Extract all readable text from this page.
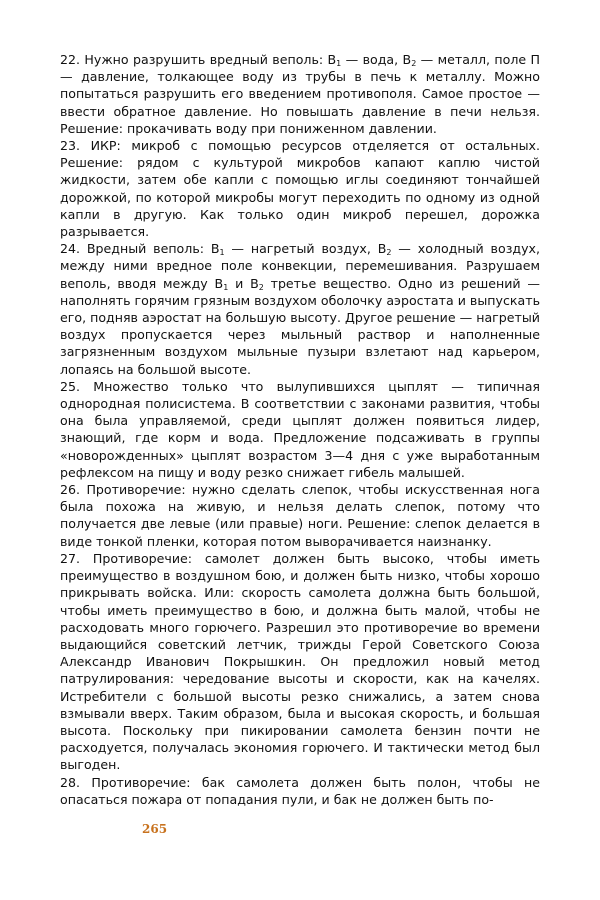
22. Нужно разрушить вредный веполь: $В_1$ — вода, $В_2$ — металл, поле П — давление, толкающее воду из трубы в печь к металлу. Можно попытаться разрушить его введением противополя. Самое простое — ввести обратное давление. Но повышать давление в печи нельзя. Решение: прокачивать воду при пониженном давлении.

23. ИКР: микроб с помощью ресурсов отделяется от остальных. Решение: рядом с культурой микробов капают каплю чистой жидкости, затем обе капли с помощью иглы соединяют тончайшей дорожкой, по которой микробы могут переходить по одному из одной капли в другую. Как только один микроб перешел, дорожка разрывается.

24. Вредный веполь: $В_1$ — нагретый воздух, $В_2$ — холодный воздух, между ними вредное поле конвекции, перемешивания. Разрушаем веполь, вводя между $В_1$ и $В_2$ третье вещество. Одно из решений — наполнять горячим грязным воздухом оболочку аэростата и выпускать его, подняв аэростат на большую высоту. Другое решение — нагретый воздух пропускается через мыльный раствор и наполненные загрязненным воздухом мыльные пузыри взлетают над карьером, лопаясь на большой высоте.

25. Множество только что вылупившихся цыплят — типичная однородная полисистема. В соответствии с законами развития, чтобы она была управляемой, среди цыплят должен появиться лидер, знающий, где корм и вода. Предложение подсаживать в группы «новорожденных» цыплят возрастом 3—4 дня с уже выработанным рефлексом на пищу и воду резко снижает гибель малышей.

26. Противоречие: нужно сделать слепок, чтобы искусственная нога была похожа на живую, и нельзя делать слепок, потому что получается две левые (или правые) ноги. Решение: слепок делается в виде тонкой пленки, которая потом выворачивается наизнанку.

27. Противоречие: самолет должен быть высоко, чтобы иметь преимущество в воздушном бою, и должен быть низко, чтобы хорошо прикрывать войска. Или: скорость самолета должна быть большой, чтобы иметь преимущество в бою, и должна быть малой, чтобы не расходовать много горючего. Разрешил это противоречие во времени выдающийся советский летчик, трижды Герой Советского Союза Александр Иванович Покрышкин. Он предложил новый метод патрулирования: чередование высоты и скорости, как на качелях. Истребители с большой высоты резко снижались, а затем снова взмывали вверх. Таким образом, была и высокая скорость, и большая высота. Поскольку при пикировании самолета бензин почти не расходуется, получалась экономия горючего. И тактически метод был выгоден.

28. Противоречие: бак самолета должен быть полон, чтобы не опасаться пожара от попадания пули, и бак не должен быть по-

265
